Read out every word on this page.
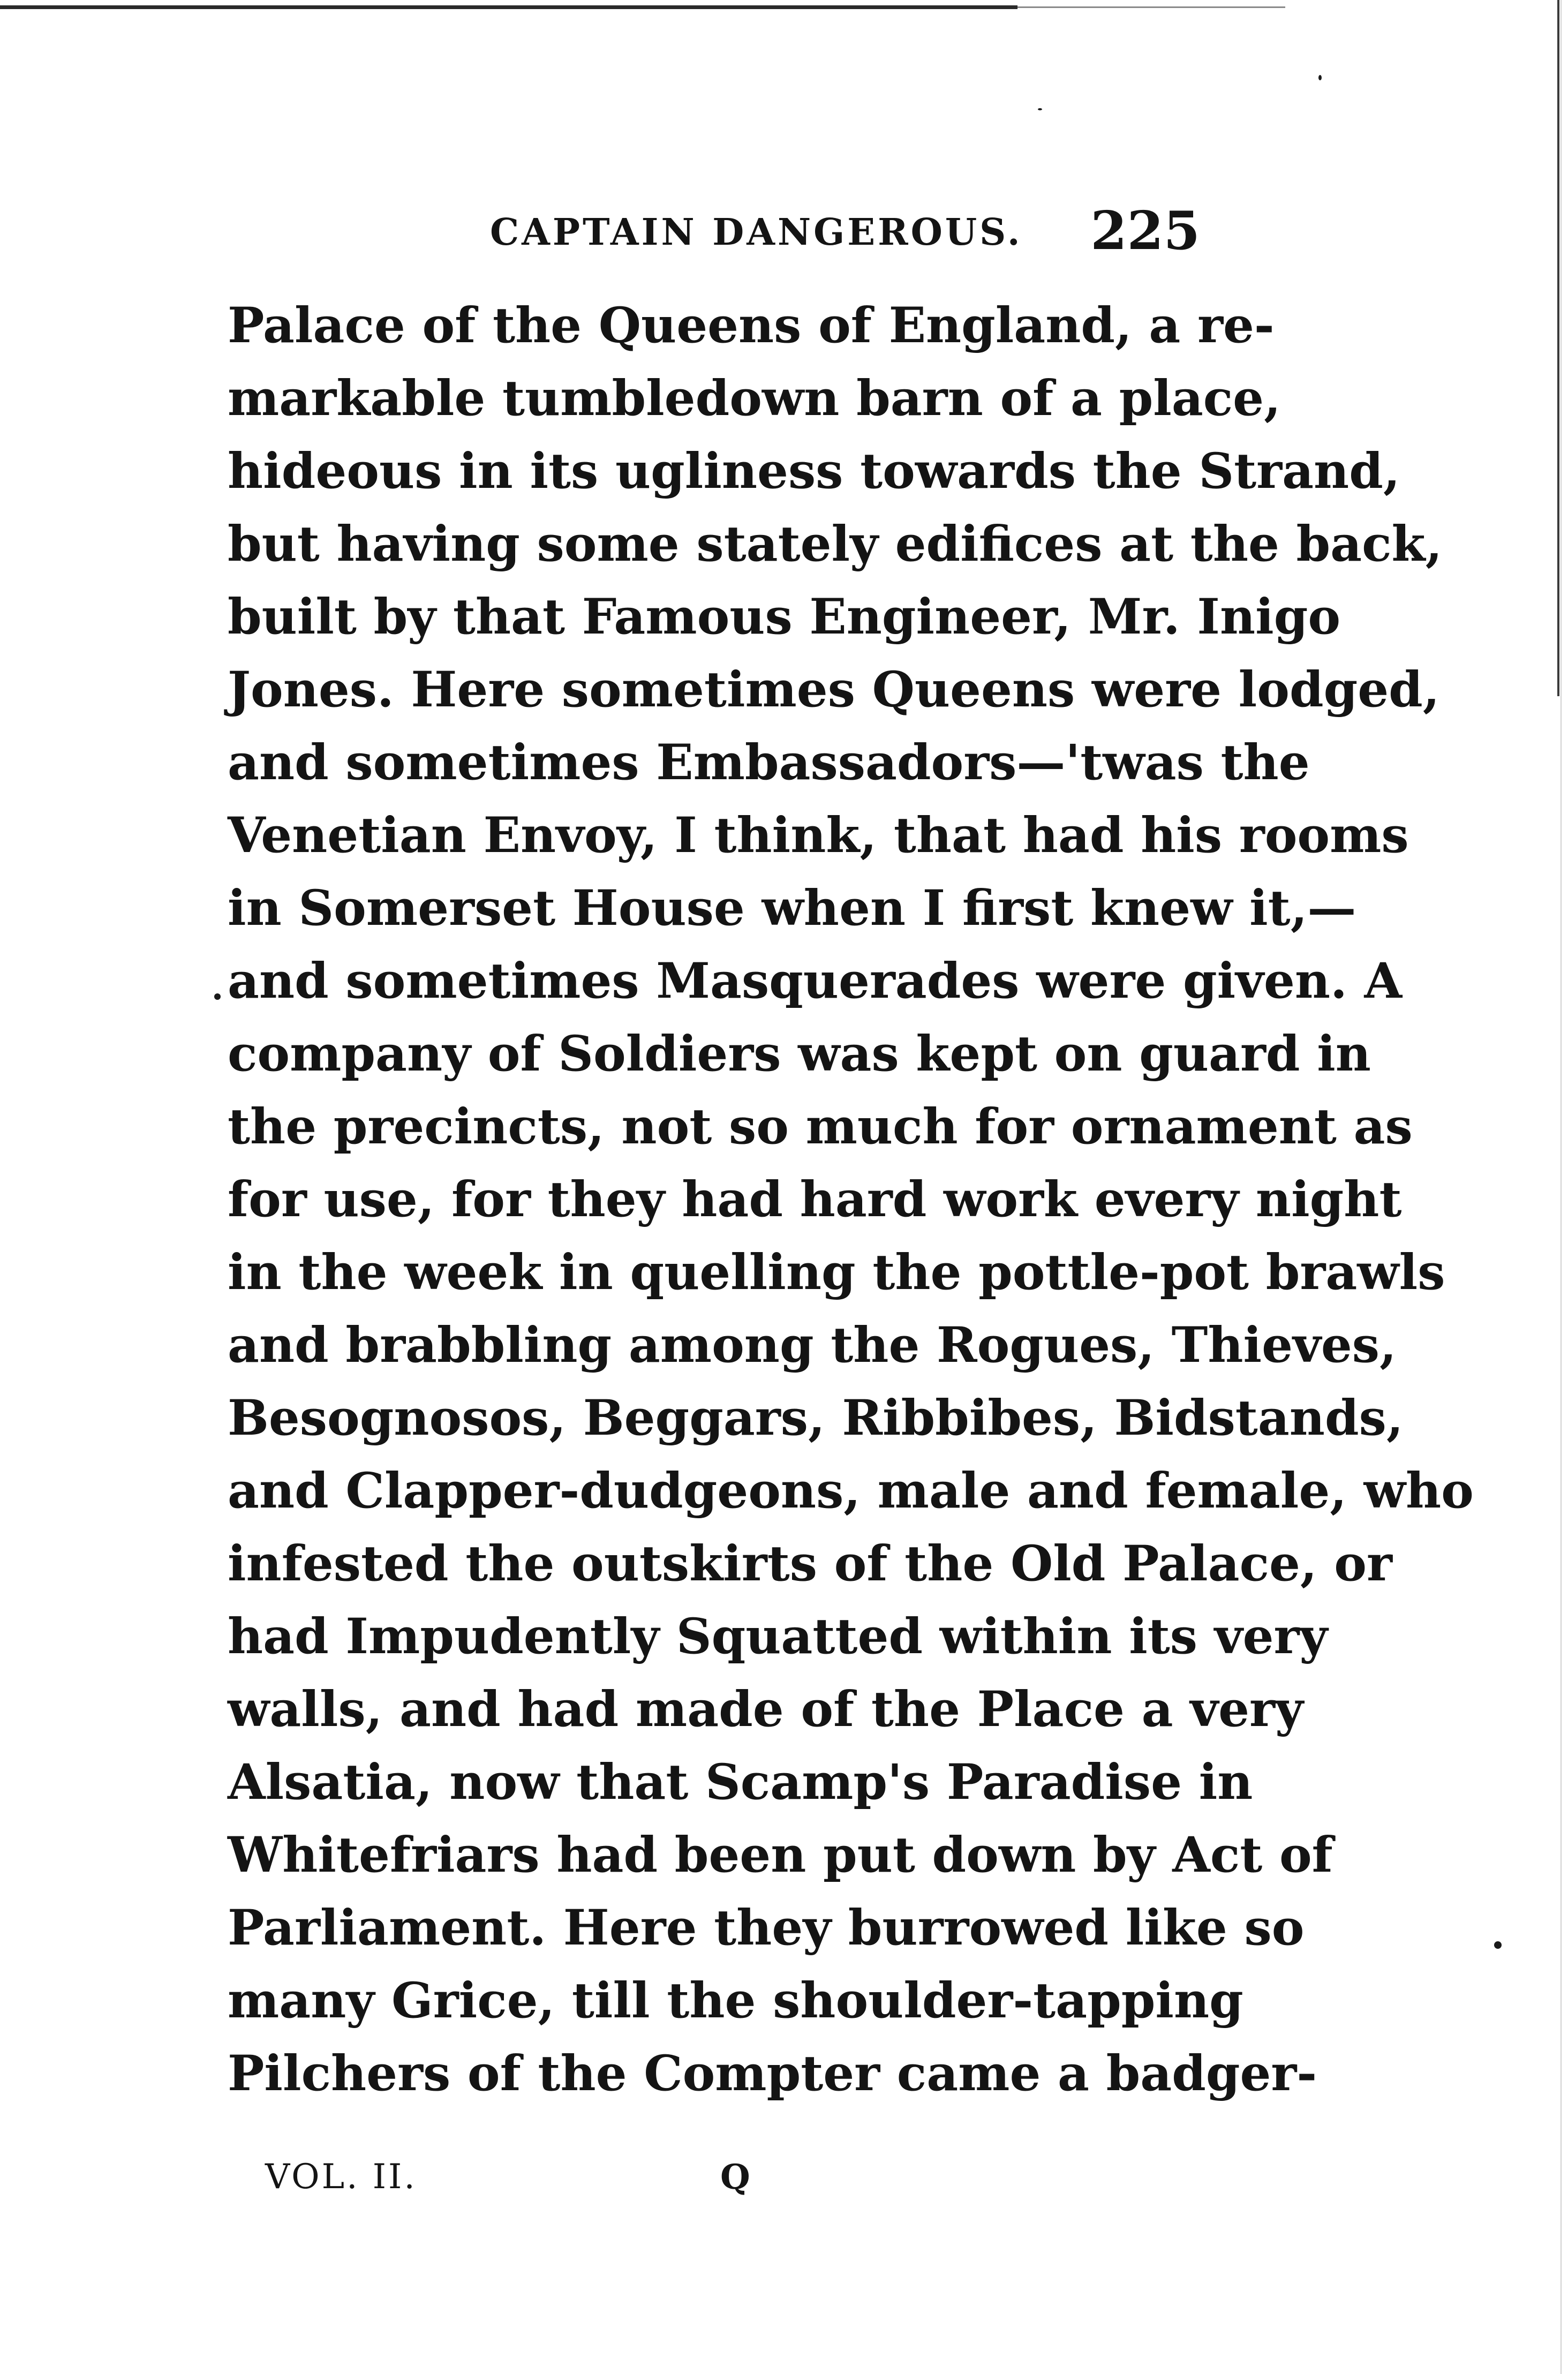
CAPTAIN DANGEROUS. 225
Palace of the Queens of England, a re-
markable tumbledown barn of a place,
hideous in its ugliness towards the Strand,
but having some stately edifices at the back,
built by that Famous Engineer, Mr. Inigo
Jones. Here sometimes Queens were lodged,
and sometimes Embassadors—'twas the
Venetian Envoy, I think, that had his rooms
in Somerset House when I first knew it,—
and sometimes Masquerades were given. A
company of Soldiers was kept on guard in
the precincts, not so much for ornament as
for use, for they had hard work every night
in the week in quelling the pottle-pot brawls
and brabbling among the Rogues, Thieves,
Besognosos, Beggars, Ribbibes, Bidstands,
and Clapper-dudgeons, male and female, who
infested the outskirts of the Old Palace, or
had Impudently Squatted within its very
walls, and had made of the Place a very
Alsatia, now that Scamp's Paradise in
Whitefriars had been put down by Act of
Parliament. Here they burrowed like so
many Grice, till the shoulder-tapping
Pilchers of the Compter came a badger-
VOL. II.	Q
